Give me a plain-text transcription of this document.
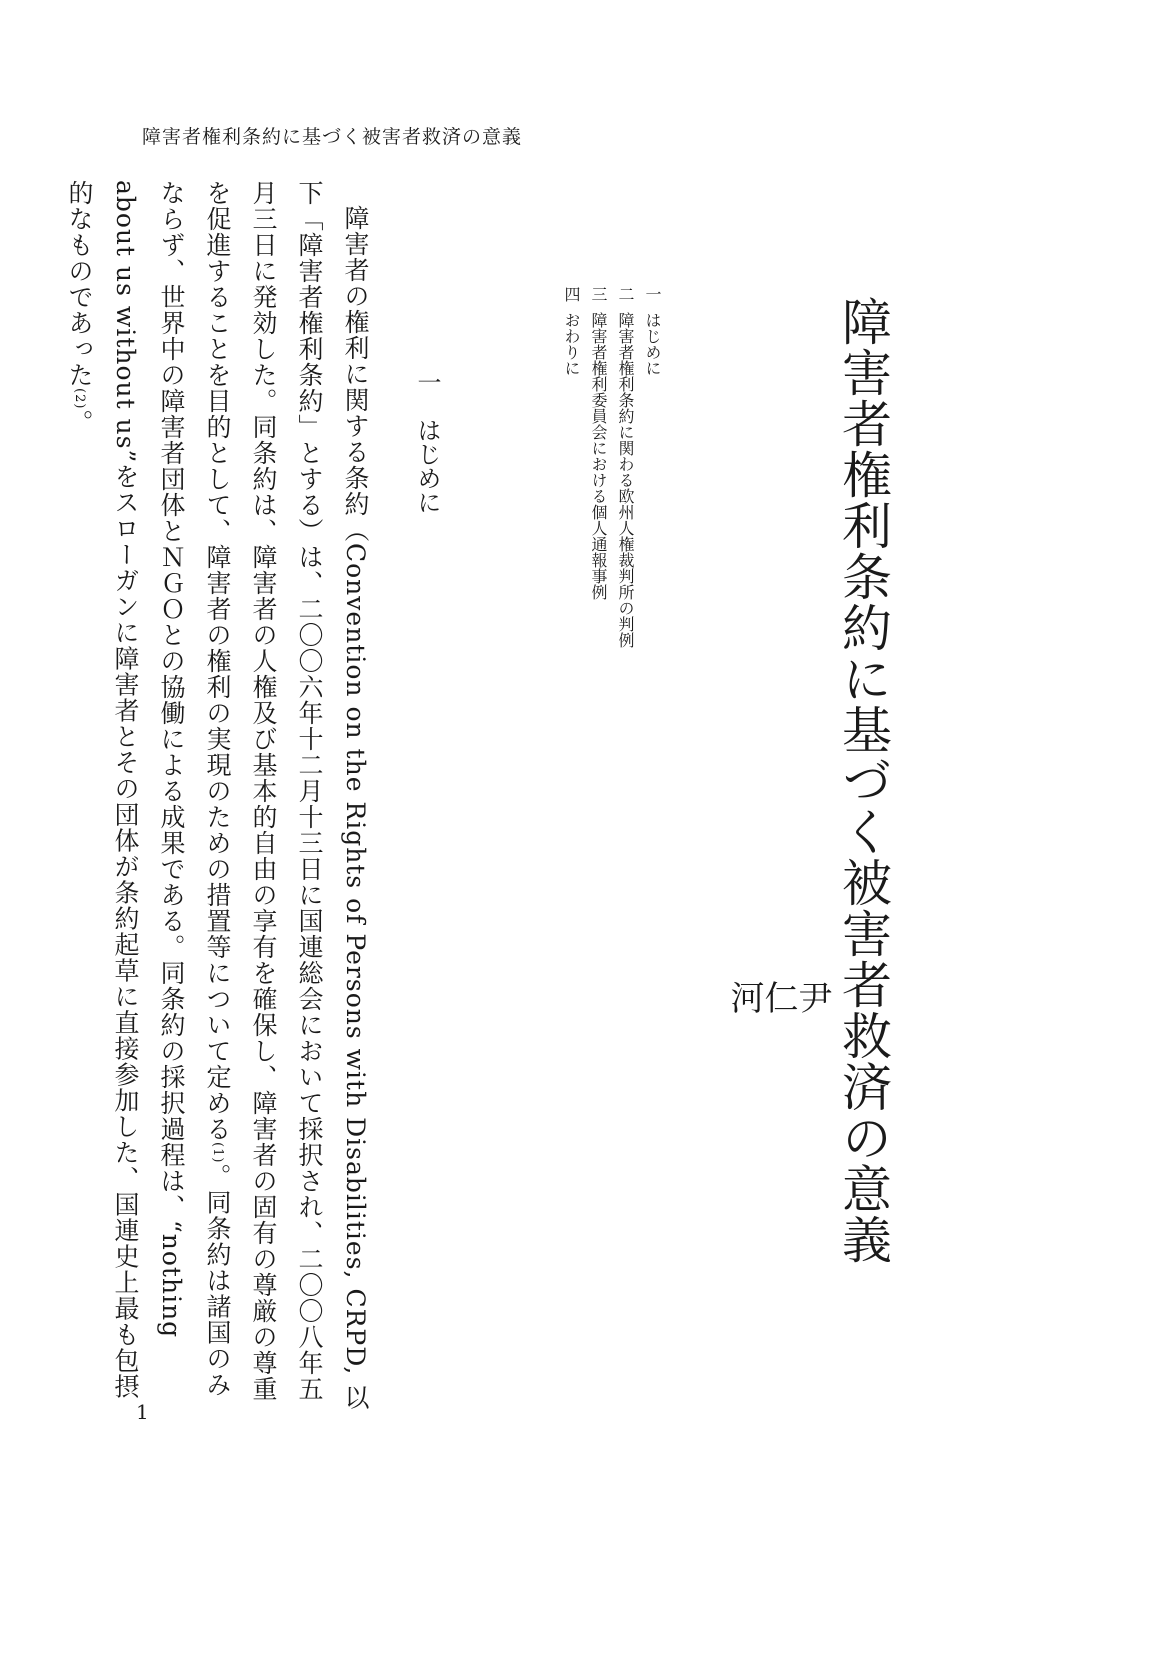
障害者権利条約に基づく被害者救済の意義
障害者権利条約に基づく被害者救済の意義
尹
仁
河
一はじめに
二障害者権利条約に関わる欧州人権裁判所の判例
三障害者権利委員会における個人通報事例
四おわりに
一　はじめに

障害者の権利に関する条約（Convention on the Rights of Persons with Disabilities, CRPD, 以下「障害者権利条約」とする）は、二〇〇六年十二月十三日に国連総会において採択され、二〇〇八年五月三日に発効した。同条約は、障害者の人権及び基本的自由の享有を確保し、障害者の固有の尊厳の尊重を促進することを目的として、障害者の権利の実現のための措置等について定める(1)。同条約は諸国のみならず、世界中の障害者団体とＮＧＯとの協働による成果である。同条約の採択過程は、“nothing about us without us”をスローガンに障害者とその団体が条約起草に直接参加した、国連史上最も包摂的なものであった(2)。

1
